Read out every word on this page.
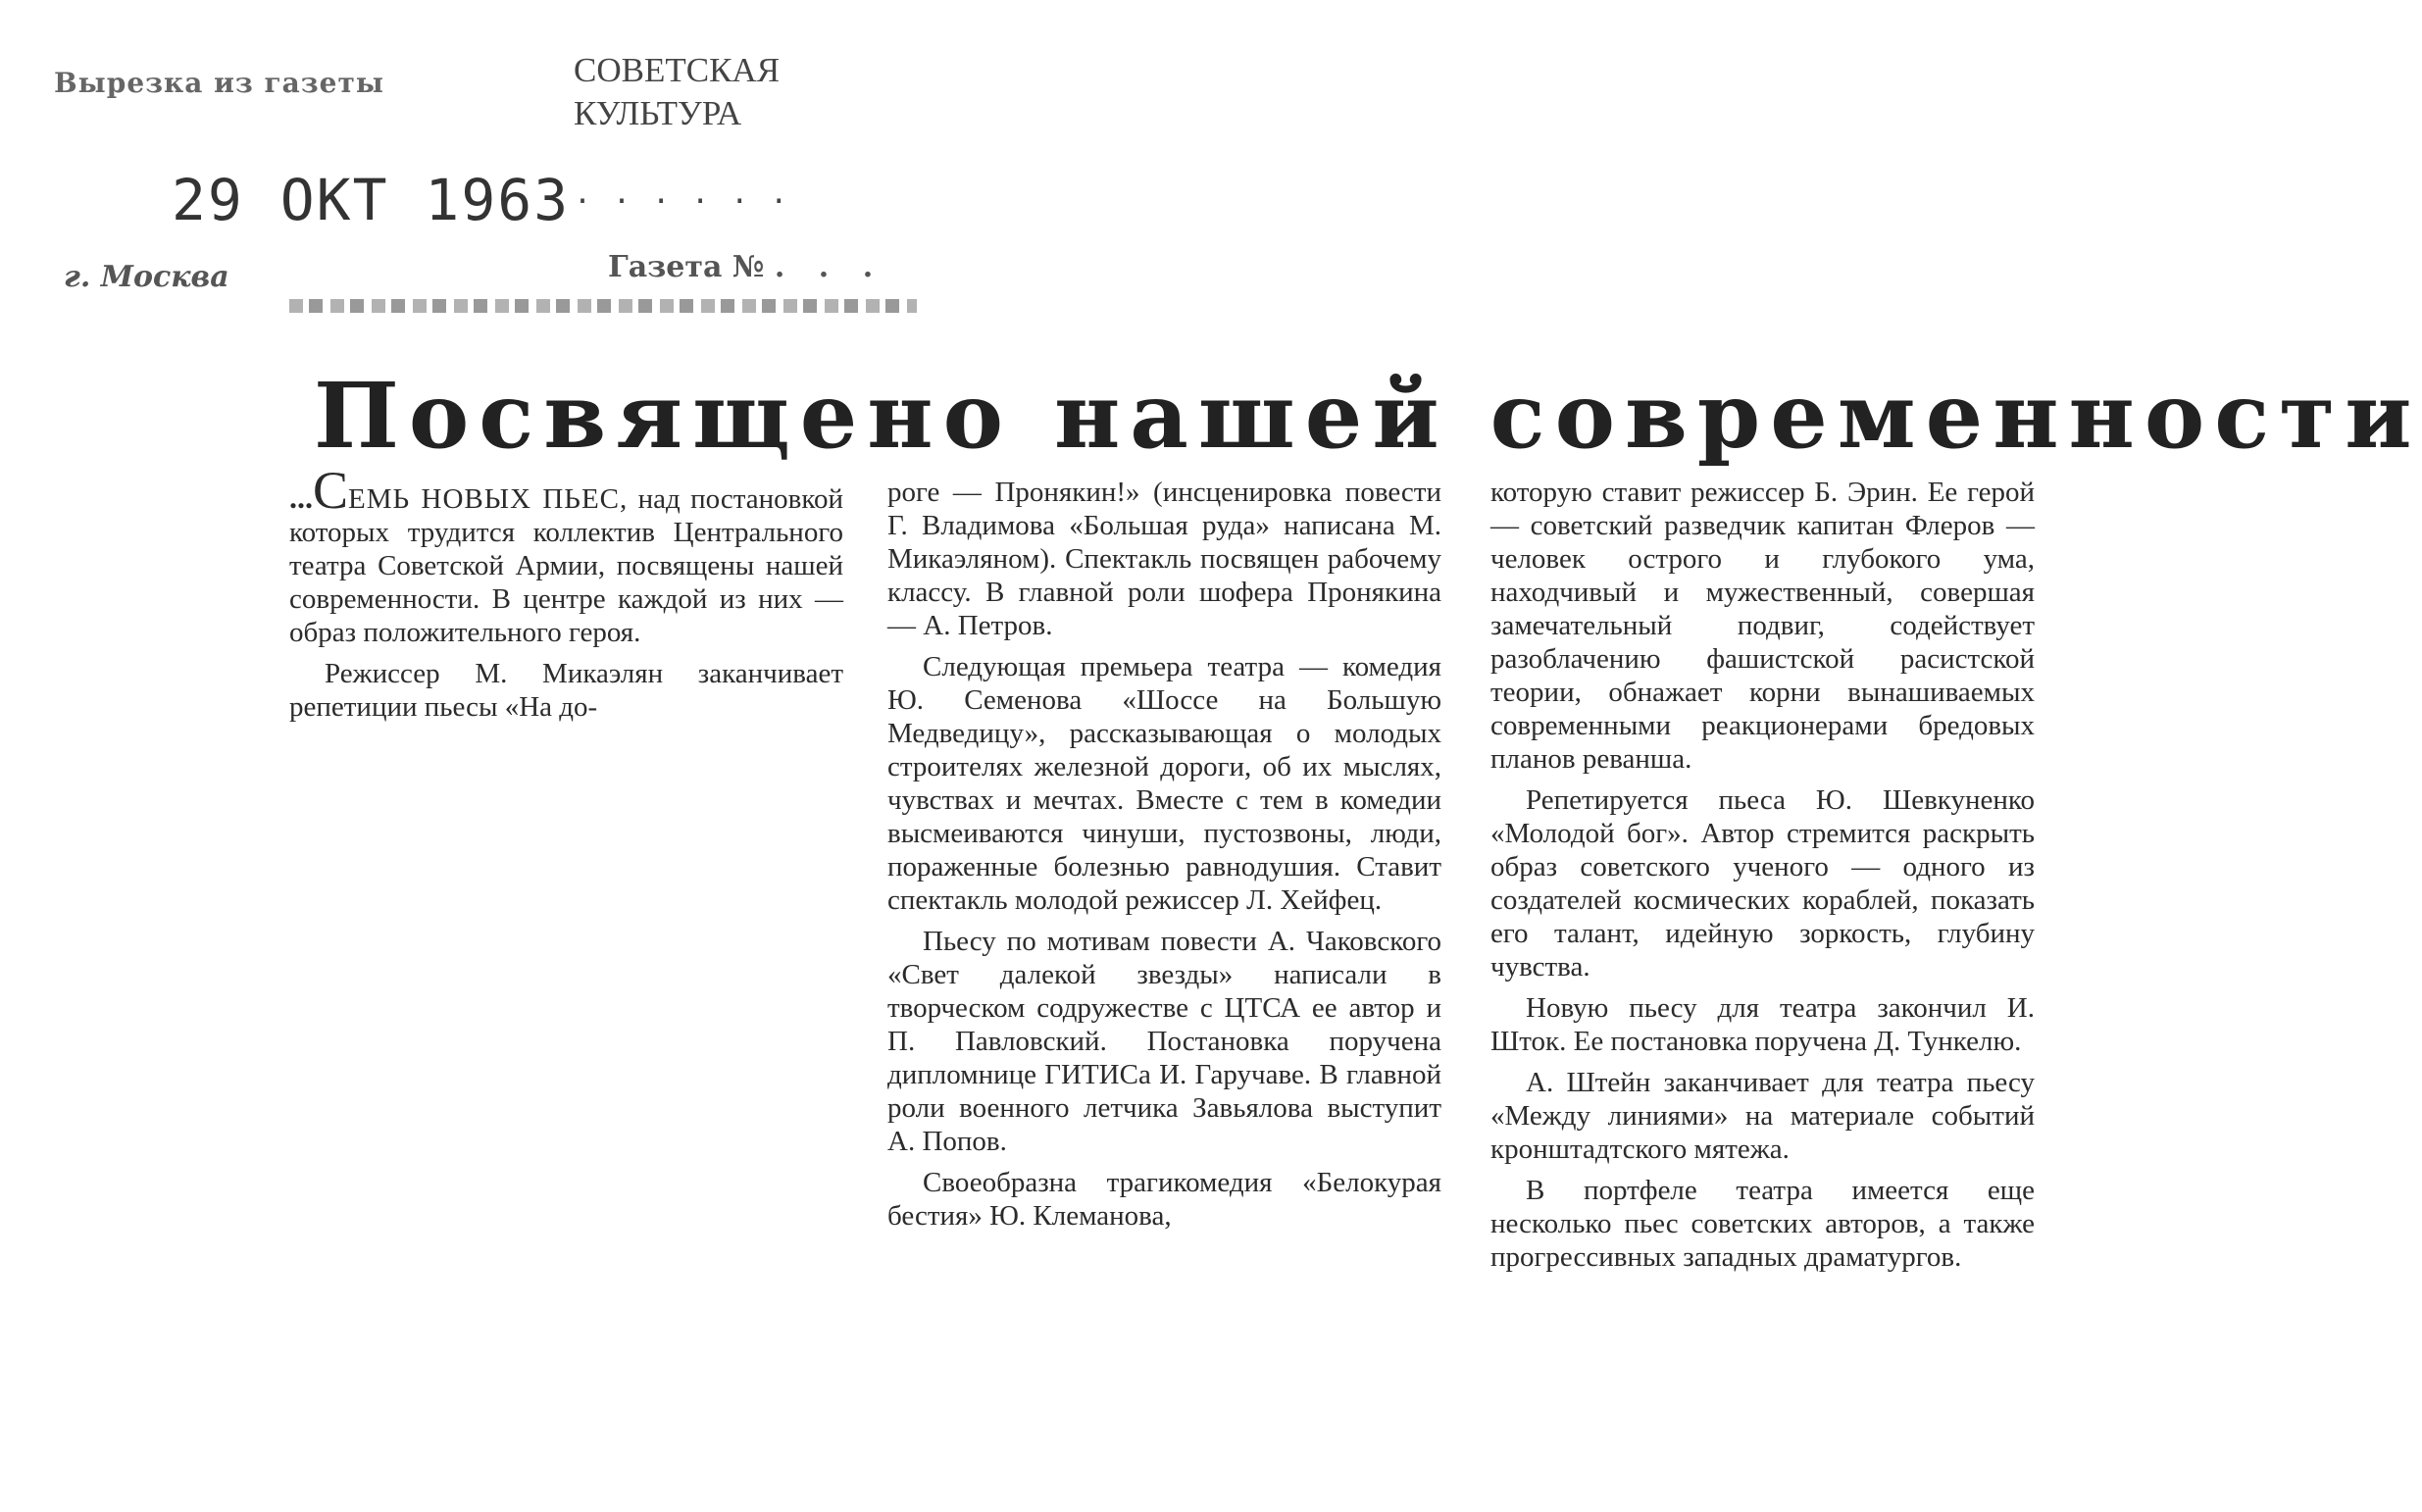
Вырезка из газеты	СОВЕТСКАЯ КУЛЬТУРА
29 ОКТ 1963 ......
г. Москва	Газета № . . .
Посвящено нашей современности

...СЕМЬ НОВЫХ ПЬЕС, над постановкой которых трудится коллектив Центрального театра Советской Армии, посвящены нашей современности. В центре каждой из них — образ положительного героя.

Режиссер М. Микаэлян заканчивает репетиции пьесы «На до-

роге — Пронякин!» (инсценировка повести Г. Владимова «Большая руда» написана М. Микаэляном). Спектакль посвящен рабочему классу. В главной роли шофера Пронякина — А. Петров.

Следующая премьера театра — комедия Ю. Семенова «Шоссе на Большую Медведицу», рассказывающая о молодых строителях железной дороги, об их мыслях, чувствах и мечтах. Вместе с тем в комедии высмеиваются чинуши, пустозвоны, люди, пораженные болезнью равнодушия. Ставит спектакль молодой режиссер Л. Хейфец.

Пьесу по мотивам повести А. Чаковского «Свет далекой звезды» написали в творческом содружестве с ЦТСА ее автор и П. Павловский. Постановка поручена дипломнице ГИТИСа И. Гаручаве. В главной роли военного летчика Завьялова выступит А. Попов.

Своеобразна трагикомедия «Белокурая бестия» Ю. Клеманова,

которую ставит режиссер Б. Эрин. Ее герой — советский разведчик капитан Флеров — человек острого и глубокого ума, находчивый и мужественный, совершая замечательный подвиг, содействует разоблачению фашистской расистской теории, обнажает корни вынашиваемых современными реакционерами бредовых планов реванша.

Репетируется пьеса Ю. Шевкуненко «Молодой бог». Автор стремится раскрыть образ советского ученого — одного из создателей космических кораблей, показать его талант, идейную зоркость, глубину чувства.

Новую пьесу для театра закончил И. Шток. Ее постановка поручена Д. Тункелю.

А. Штейн заканчивает для театра пьесу «Между линиями» на материале событий кронштадтского мятежа.

В портфеле театра имеется еще несколько пьес советских авторов, а также прогрессивных западных драматургов.
